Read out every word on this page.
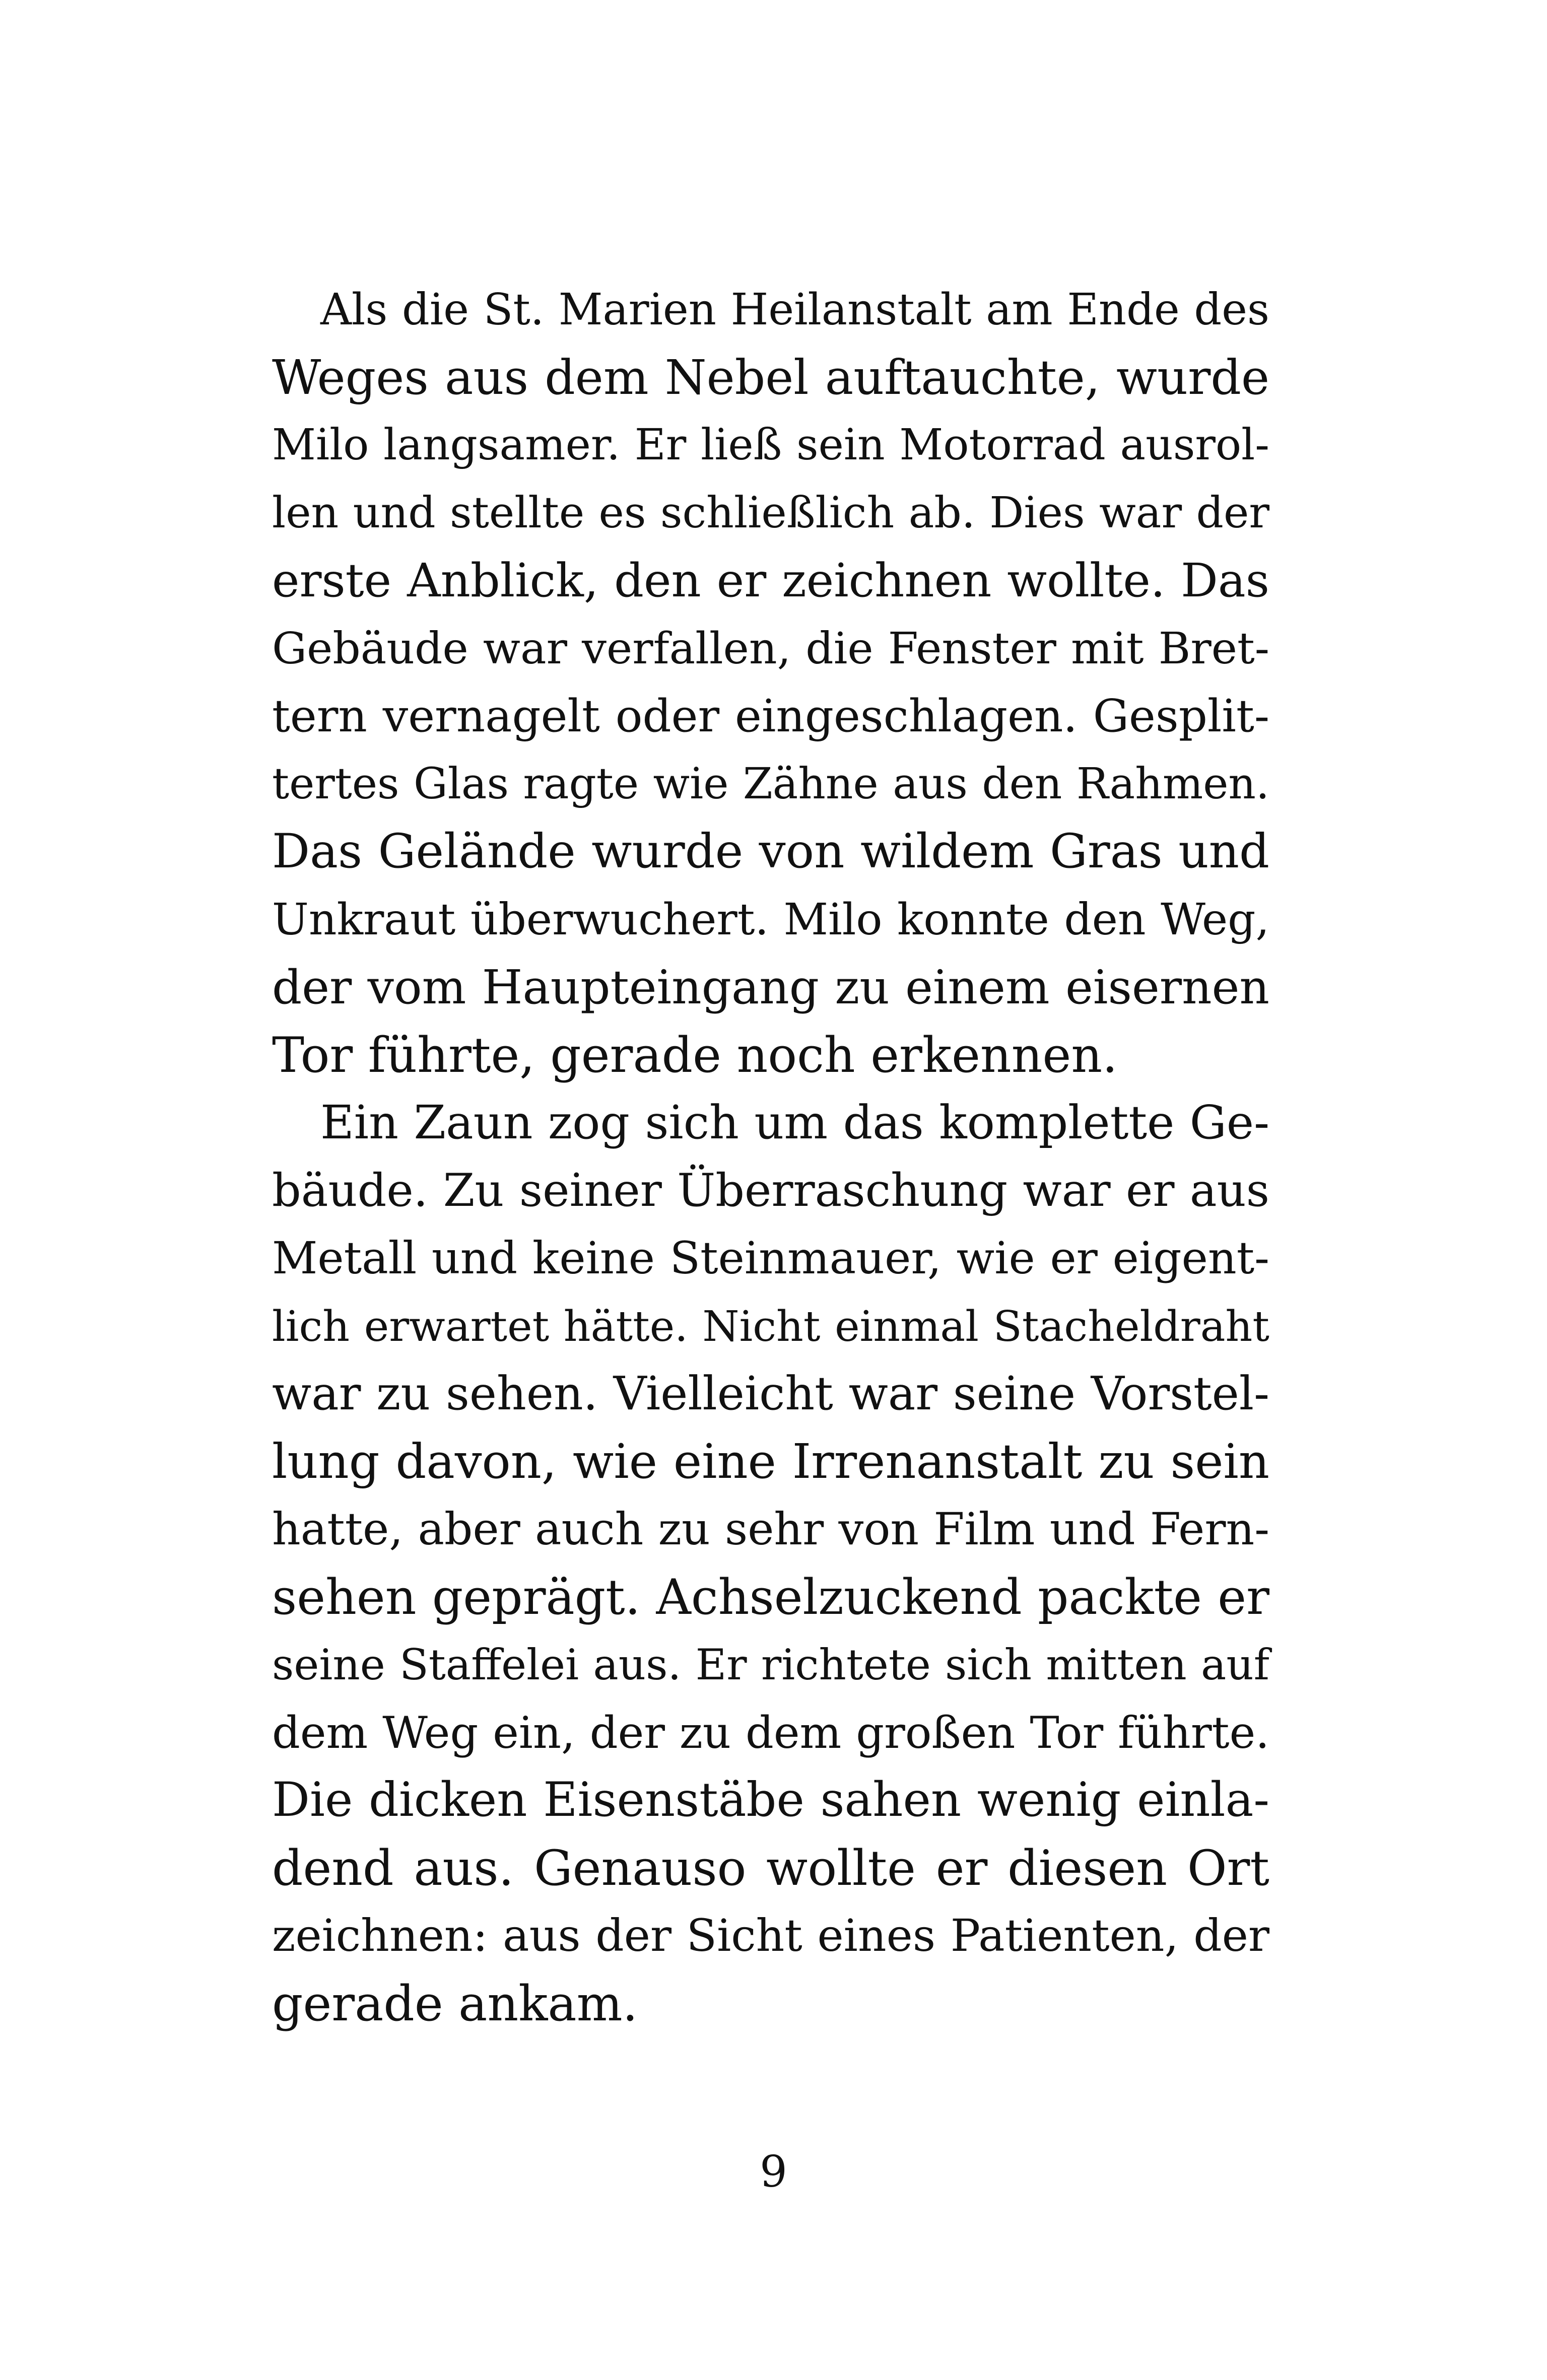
Als die St. Marien Heilanstalt am Ende des
Weges aus dem Nebel auftauchte, wurde
Milo langsamer. Er ließ sein Motorrad ausrol-
len und stellte es schließlich ab. Dies war der
erste Anblick, den er zeichnen wollte. Das
Gebäude war verfallen, die Fenster mit Bret-
tern vernagelt oder eingeschlagen. Gesplit-
tertes Glas ragte wie Zähne aus den Rahmen.
Das Gelände wurde von wildem Gras und
Unkraut überwuchert. Milo konnte den Weg,
der vom Haupteingang zu einem eisernen
Tor führte, gerade noch erkennen.
Ein Zaun zog sich um das komplette Ge-
bäude. Zu seiner Überraschung war er aus
Metall und keine Steinmauer, wie er eigent-
lich erwartet hätte. Nicht einmal Stacheldraht
war zu sehen. Vielleicht war seine Vorstel-
lung davon, wie eine Irrenanstalt zu sein
hatte, aber auch zu sehr von Film und Fern-
sehen geprägt. Achselzuckend packte er
seine Staffelei aus. Er richtete sich mitten auf
dem Weg ein, der zu dem großen Tor führte.
Die dicken Eisenstäbe sahen wenig einla-
dend aus. Genauso wollte er diesen Ort
zeichnen: aus der Sicht eines Patienten, der
gerade ankam.
9
